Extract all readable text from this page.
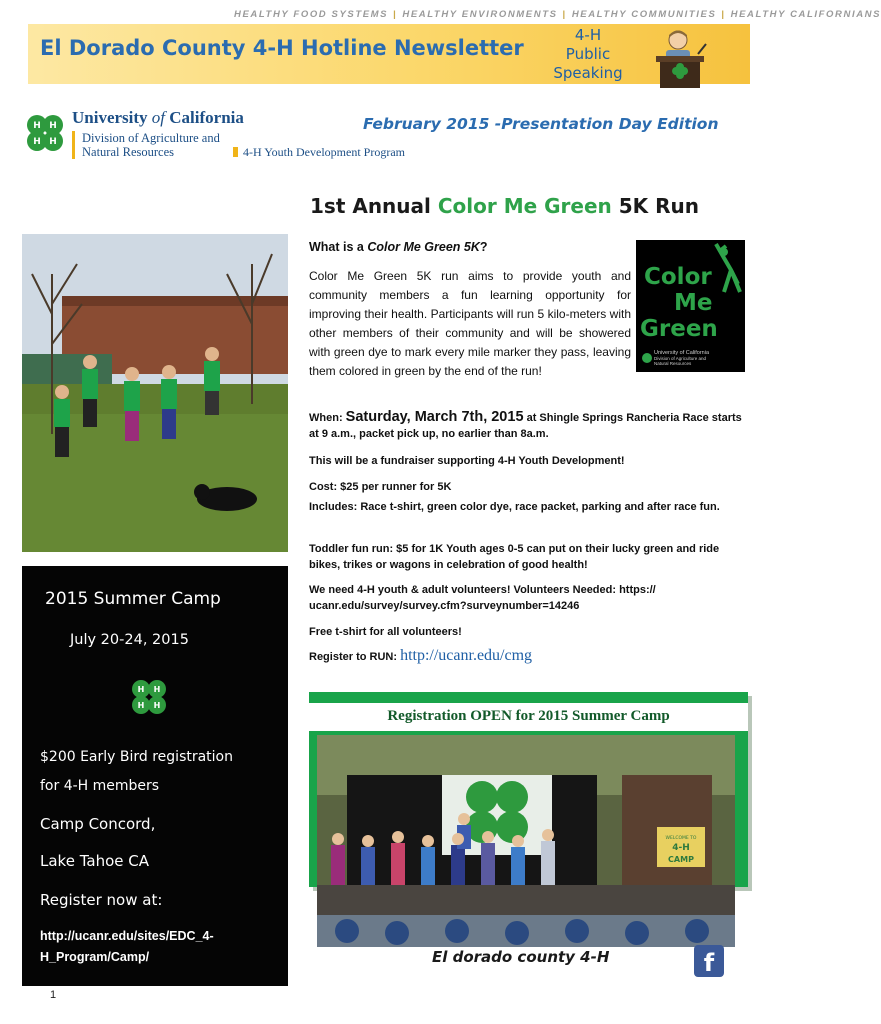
HEALTHY FOOD SYSTEMS | HEALTHY ENVIRONMENTS | HEALTHY COMMUNITIES | HEALTHY CALIFORNIANS
El Dorado County 4-H Hotline Newsletter
4-H
Public
Speaking
H H
H H
University of California
Division of Agriculture and
Natural Resources	4-H Youth Development Program
February 2015 -Presentation Day Edition
1st Annual Color Me Green 5K Run
What is a Color Me Green 5K?
Color Me Green 5K run aims to provide youth and community members a fun learning opportunity for improving their health. Participants will run 5 kilo-meters with other members of their community and will be showered with green dye to mark every mile marker they pass, leaving them colored in green by the end of the run!
Color
Me
Green
University of California
Division of Agriculture and
Natural Resources
When: Saturday, March 7th, 2015 at Shingle Springs Rancheria Race starts at 9 a.m., packet pick up, no earlier than 8a.m.
This will be a fundraiser supporting 4-H Youth Development!
Cost: $25 per runner for 5K
Includes: Race t-shirt, green color dye, race packet, parking and after race fun.
Toddler fun run: $5 for 1K Youth ages 0-5 can put on their lucky green and ride bikes, trikes or wagons in celebration of good health!
We need 4-H youth & adult volunteers! Volunteers Needed: https:// ucanr.edu/survey/survey.cfm?surveynumber=14246
Free t-shirt for all volunteers!
Register to RUN: http://ucanr.edu/cmg
2015 Summer Camp
July 20-24, 2015
H H
H H
$200 Early Bird registration
for 4-H members
Camp Concord,
Lake Tahoe CA
Register now at:
http://ucanr.edu/sites/EDC_4-
H_Program/Camp/
1
Registration OPEN for 2015 Summer Camp
WELCOME TO
4-H
CAMP
El dorado county 4-H	f
